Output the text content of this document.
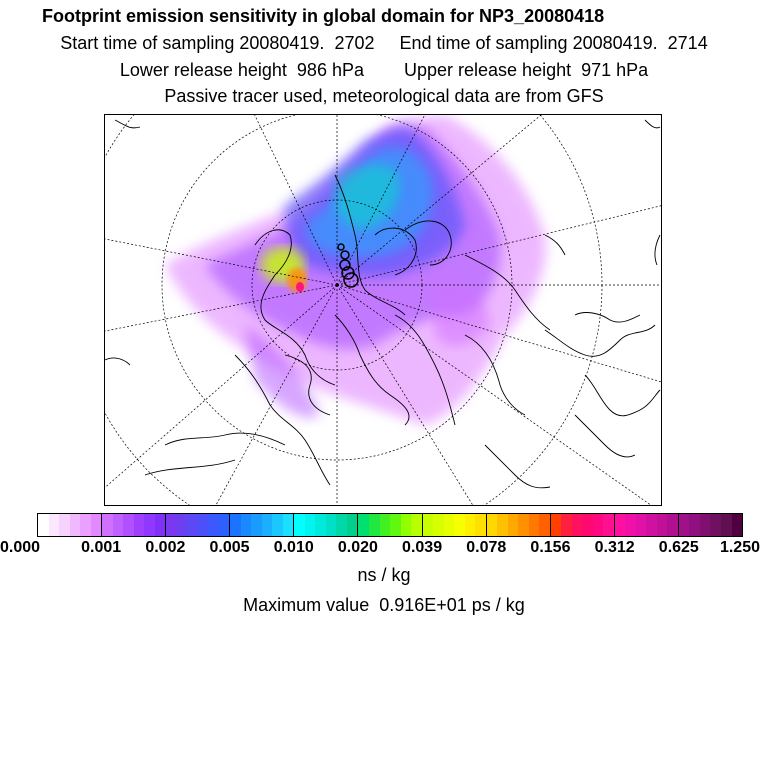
Footprint emission sensitivity in global domain for NP3_20080418
Start time of sampling 20080419.  2702     End time of sampling 20080419.  2714
Lower release height  986 hPa        Upper release height  971 hPa
Passive tracer used, meteorological data are from GFS
0.000	0.001 0.002 0.005 0.010 0.020 0.039 0.078 0.156 0.312 0.625 1.250
ns / kg
Maximum value  0.916E+01 ps / kg
